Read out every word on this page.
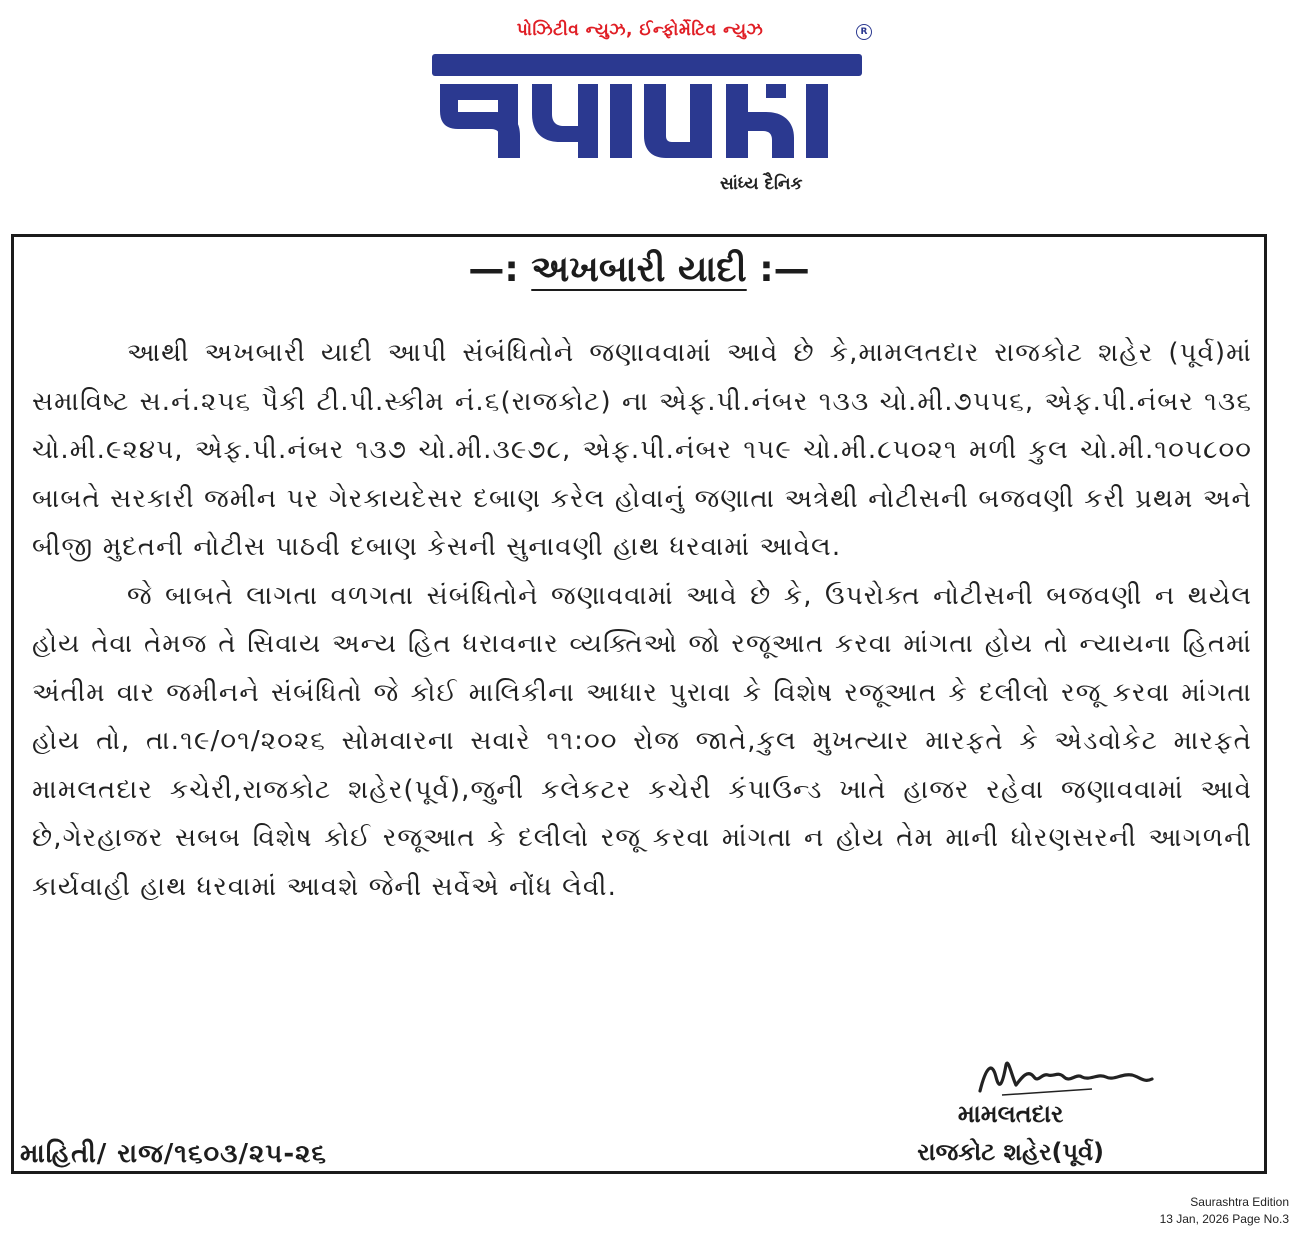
પોઝિટીવ ન્યુઝ, ઈન્ફોર્મેટિવ ન્યુઝ	R
સાંધ્ય દૈનિક
—: અખબારી યાદી :—

આથી અખબારી યાદી આપી સંબંધિતોને જણાવવામાં આવે છે કે,મામલતદાર રાજકોટ શહેર (પૂર્વ)માં સમાવિષ્ટ સ.નં.૨૫૬ પૈકી ટી.પી.સ્કીમ નં.૬(રાજકોટ) ના એફ.પી.નંબર ૧૩૩ ચો.મી.૭૫૫૬, એફ.પી.નંબર ૧૩૬ ચો.મી.૯૨૪૫, એફ.પી.નંબર ૧૩૭ ચો.મી.૩૯૭૮, એફ.પી.નંબર ૧૫૯ ચો.મી.૮૫૦૨૧ મળી કુલ ચો.મી.૧૦૫૮૦૦ બાબતે સરકારી જમીન પર ગેરકાયદેસર દબાણ કરેલ હોવાનું જણાતા અત્રેથી નોટીસની બજવણી કરી પ્રથમ અને બીજી મુદતની નોટીસ પાઠવી દબાણ કેસની સુનાવણી હાથ ધરવામાં આવેલ.

જે બાબતે લાગતા વળગતા સંબંધિતોને જણાવવામાં આવે છે કે, ઉપરોક્ત નોટીસની બજવણી ન થયેલ હોય તેવા તેમજ તે સિવાય અન્ય હિત ધરાવનાર વ્યક્તિઓ જો રજૂઆત કરવા માંગતા હોય તો ન્યાયના હિતમાં અંતીમ વાર જમીનને સંબંધિતો જે કોઈ માલિકીના આધાર પુરાવા કે વિશેષ રજૂઆત કે દલીલો રજૂ કરવા માંગતા હોય તો, તા.૧૯/૦૧/૨૦૨૬ સોમવારના સવારે ૧૧:૦૦ રોજ જાતે,કુલ મુખત્યાર મારફતે કે એડવોકેટ મારફતે મામલતદાર કચેરી,રાજકોટ શહેર(પૂર્વ),જુની કલેકટર કચેરી કંપાઉન્ડ ખાતે હાજર રહેવા જણાવવામાં આવે છે,ગેરહાજર સબબ વિશેષ કોઈ રજૂઆત કે દલીલો રજૂ કરવા માંગતા ન હોય તેમ માની ધોરણસરની આગળની કાર્યવાહી હાથ ધરવામાં આવશે જેની સર્વેએ નોંધ લેવી.

મામલતદાર
રાજકોટ શહેર(પૂર્વ)
માહિતી/ રાજ/૧૬૦૩/૨૫-૨૬
Saurashtra Edition
13 Jan, 2026 Page No.3
